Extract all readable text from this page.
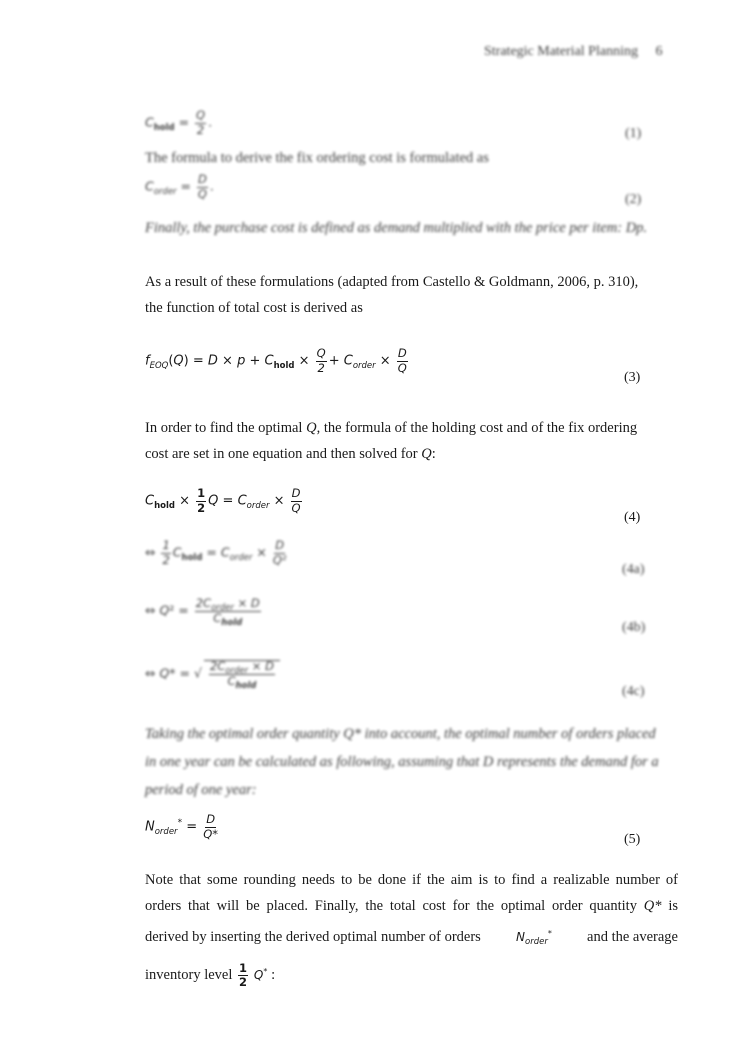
Strategic Material Planning 6
$C_{hold} = \frac{Q}{2}$ .
(1)
The formula to derive the fix ordering cost is formulated as
$C_{order} = \frac{D}{Q}$ .
(2)
Finally, the purchase cost is defined as demand multiplied with the price per item: Dp.
As a result of these formulations (adapted from Castello & Goldmann, 2006, p. 310),
the function of total cost is derived as
$f_{EOQ}(Q) = D \times p + C_{hold} \times \frac{Q}{2} + C_{order} \times \frac{D}{Q}$
(3)
In order to find the optimal Q, the formula of the holding cost and of the fix ordering
cost are set in one equation and then solved for Q:
$C_{hold} \times \frac{1}{2}$ $Q = C_{order} \times \frac{D}{Q}$
(4)
⇔ $\frac{1}{2} C_{hold} = C_{order} \times \frac{D}{\text{Q²}}$
(4a)
⇔ $Q^2 = \frac{2C_{order} \times D}{C_{hold}}$
(4b)
⇔ Q* = √ $\frac{2C_{order} \times D}{C_{hold}}$
(4c)
Taking the optimal order quantity Q* into account, the optimal number of orders placed
in one year can be calculated as following, assuming that D represents the demand for a
period of one year:
$N_{order}^* = \frac{D}{Q*}$	(5)
Note that some rounding needs to be done if the aim is to find a realizable number of
orders that will be placed. Finally, the total cost for the optimal order quantity Q* is
derived by inserting the derived optimal number of orders	$N_{order}^*$ and the average
inventory level $\frac{1}{2} Q^*$ :
